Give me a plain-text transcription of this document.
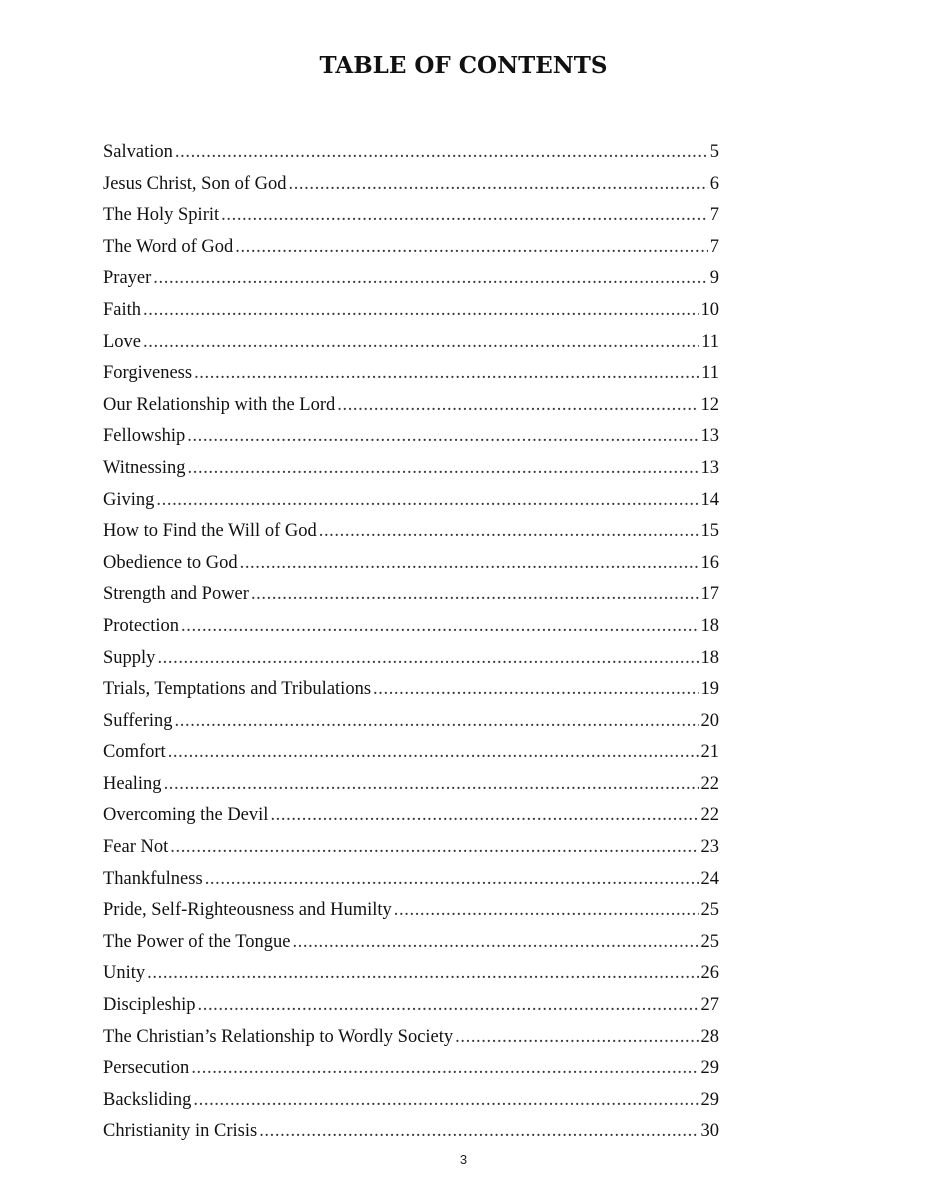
TABLE OF CONTENTS
Salvation .....	5
Jesus Christ, Son of God .....	6
The Holy Spirit .....	7
The Word of God .....	7
Prayer .....	9
Faith .....	10
Love .....	11
Forgiveness .....	11
Our Relationship with the Lord .....	12
Fellowship .....	13
Witnessing .....	13
Giving .....	14
How to Find the Will of God .....	15
Obedience to God .....	16
Strength and Power .....	17
Protection .....	18
Supply .....	18
Trials, Temptations and Tribulations .....	19
Suffering .....	20
Comfort .....	21
Healing .....	22
Overcoming the Devil .....	22
Fear Not .....	23
Thankfulness .....	24
Pride, Self-Righteousness and Humilty .....	25
The Power of the Tongue .....	25
Unity .....	26
Discipleship .....	27
The Christian’s Relationship to Wordly Society .....	28
Persecution .....	29
Backsliding .....	29
Christianity in Crisis .....	30
3
